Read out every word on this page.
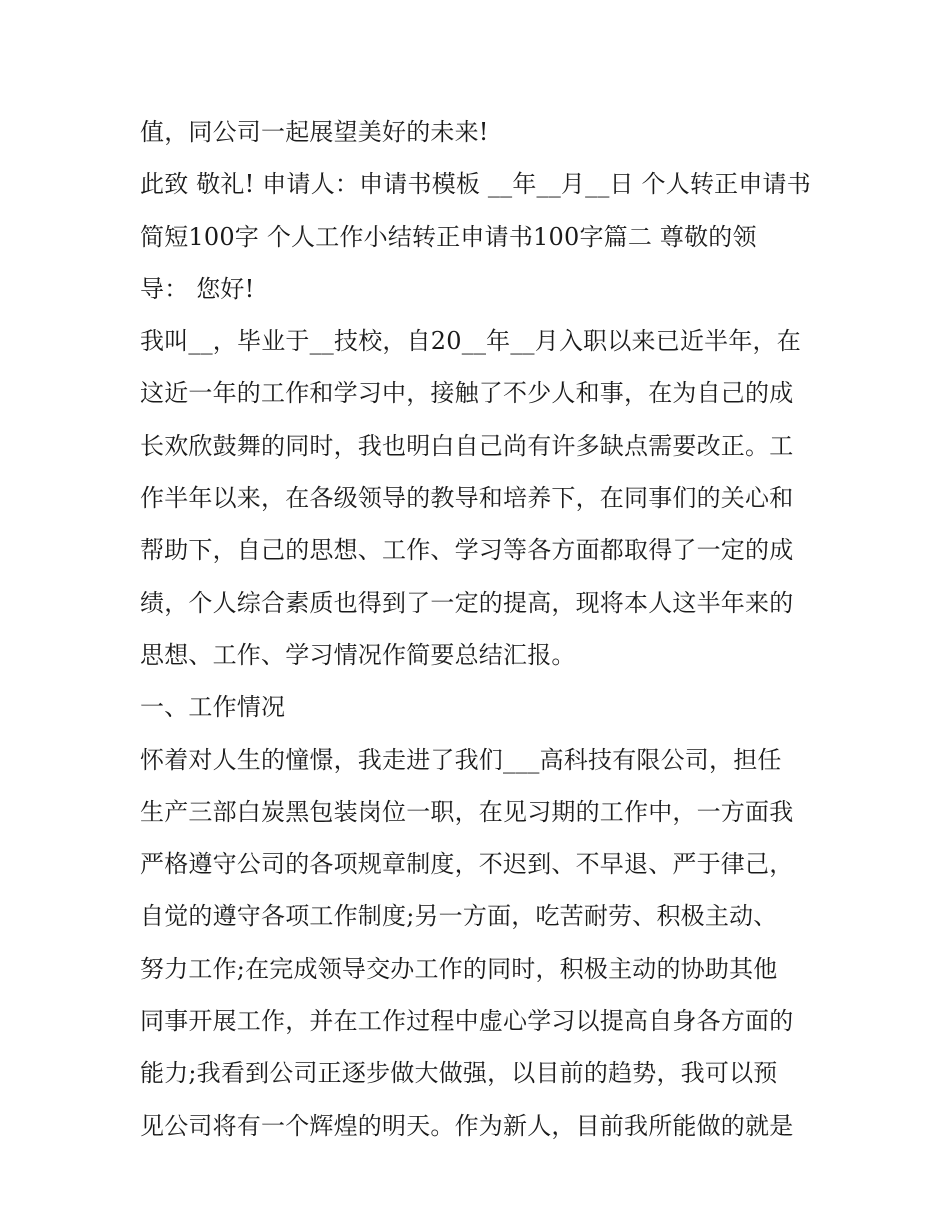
值，同公司一起展望美好的未来!
此致 敬礼! 申请人：申请书模板 __年__月__日 个人转正申请书
简短100字 个人工作小结转正申请书100字篇二 尊敬的领
导： 您好!
我叫__，毕业于__技校，自20__年__月入职以来已近半年，在
这近一年的工作和学习中，接触了不少人和事，在为自己的成
长欢欣鼓舞的同时，我也明白自己尚有许多缺点需要改正。工
作半年以来，在各级领导的教导和培养下，在同事们的关心和
帮助下，自己的思想、工作、学习等各方面都取得了一定的成
绩，个人综合素质也得到了一定的提高，现将本人这半年来的
思想、工作、学习情况作简要总结汇报。
一、工作情况
怀着对人生的憧憬，我走进了我们___高科技有限公司，担任
生产三部白炭黑包装岗位一职，在见习期的工作中，一方面我
严格遵守公司的各项规章制度，不迟到、不早退、严于律己，
自觉的遵守各项工作制度;另一方面，吃苦耐劳、积极主动、
努力工作;在完成领导交办工作的同时，积极主动的协助其他
同事开展工作，并在工作过程中虚心学习以提高自身各方面的
能力;我看到公司正逐步做大做强，以目前的趋势，我可以预
见公司将有一个辉煌的明天。作为新人，目前我所能做的就是
